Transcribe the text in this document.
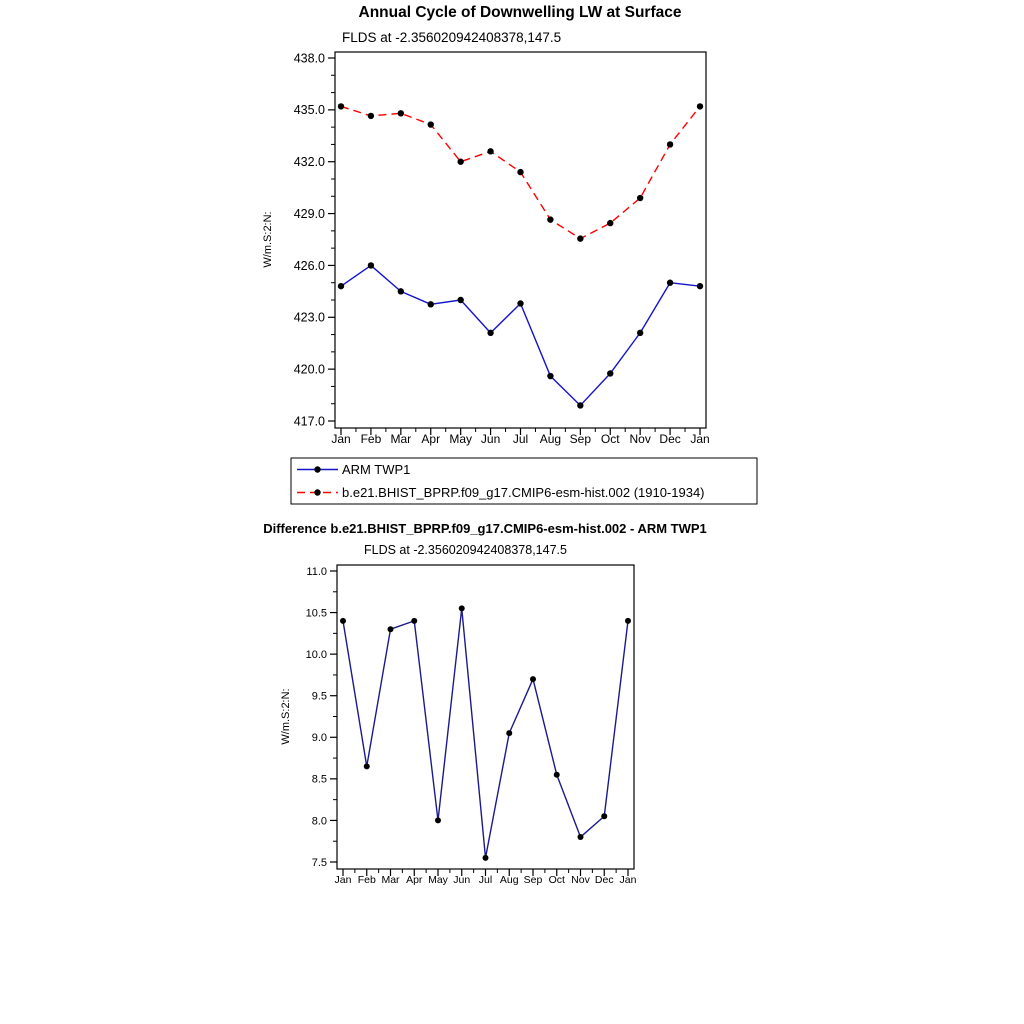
Annual Cycle of Downwelling LW at Surface
FLDS at -2.356020942408378,147.5
Difference b.e21.BHIST_BPRP.f09_g17.CMIP6-esm-hist.002 - ARM TWP1
FLDS at -2.356020942408378,147.5
417.0
420.0
423.0
426.0
429.0
432.0
435.0
438.0
Jan Feb Mar Apr May Jun Jul Aug Sep Oct Nov Dec Jan
W/m.S:2:N:
7.5
8.0
8.5
9.0
9.5
10.0
10.5
11.0
Jan Feb Mar Apr May Jun Jul Aug Sep Oct Nov Dec Jan
W/m.S:2:N:
ARM TWP1
b.e21.BHIST_BPRP.f09_g17.CMIP6-esm-hist.002 (1910-1934)
